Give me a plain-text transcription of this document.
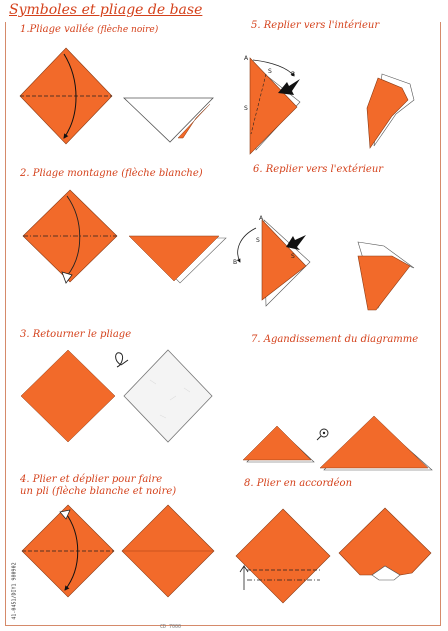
Symboles et pliage de base
1.Pliage vallée (flèche noire)
2. Pliage montagne (flèche blanche)
3. Retourner le pliage
4. Plier et déplier pour faire
un pli (flèche blanche et noire)
5. Replier vers l'intérieur
6. Replier vers l'extérieur
7. Agandissement du diagramme
8. Plier en accordéon
A
B
S
S
A
B
S
S
41-0451/DIY1 980902
CD 7000
